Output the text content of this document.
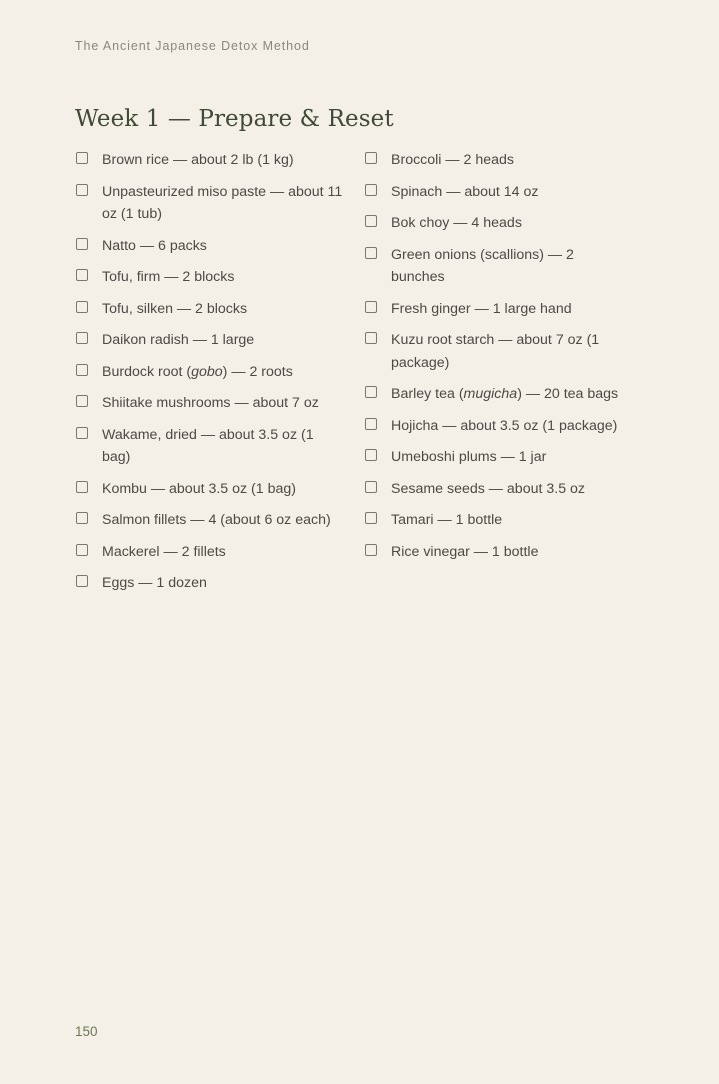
The Ancient Japanese Detox Method
Week 1 — Prepare & Reset
Brown rice — about 2 lb (1 kg)
Unpasteurized miso paste — about 11 oz (1 tub)
Natto — 6 packs
Tofu, firm — 2 blocks
Tofu, silken — 2 blocks
Daikon radish — 1 large
Burdock root (gobo) — 2 roots
Shiitake mushrooms — about 7 oz
Wakame, dried — about 3.5 oz (1 bag)
Kombu — about 3.5 oz (1 bag)
Salmon fillets — 4 (about 6 oz each)
Mackerel — 2 fillets
Eggs — 1 dozen
Broccoli — 2 heads
Spinach — about 14 oz
Bok choy — 4 heads
Green onions (scallions) — 2 bunches
Fresh ginger — 1 large hand
Kuzu root starch — about 7 oz (1 package)
Barley tea (mugicha) — 20 tea bags
Hojicha — about 3.5 oz (1 package)
Umeboshi plums — 1 jar
Sesame seeds — about 3.5 oz
Tamari — 1 bottle
Rice vinegar — 1 bottle
150
